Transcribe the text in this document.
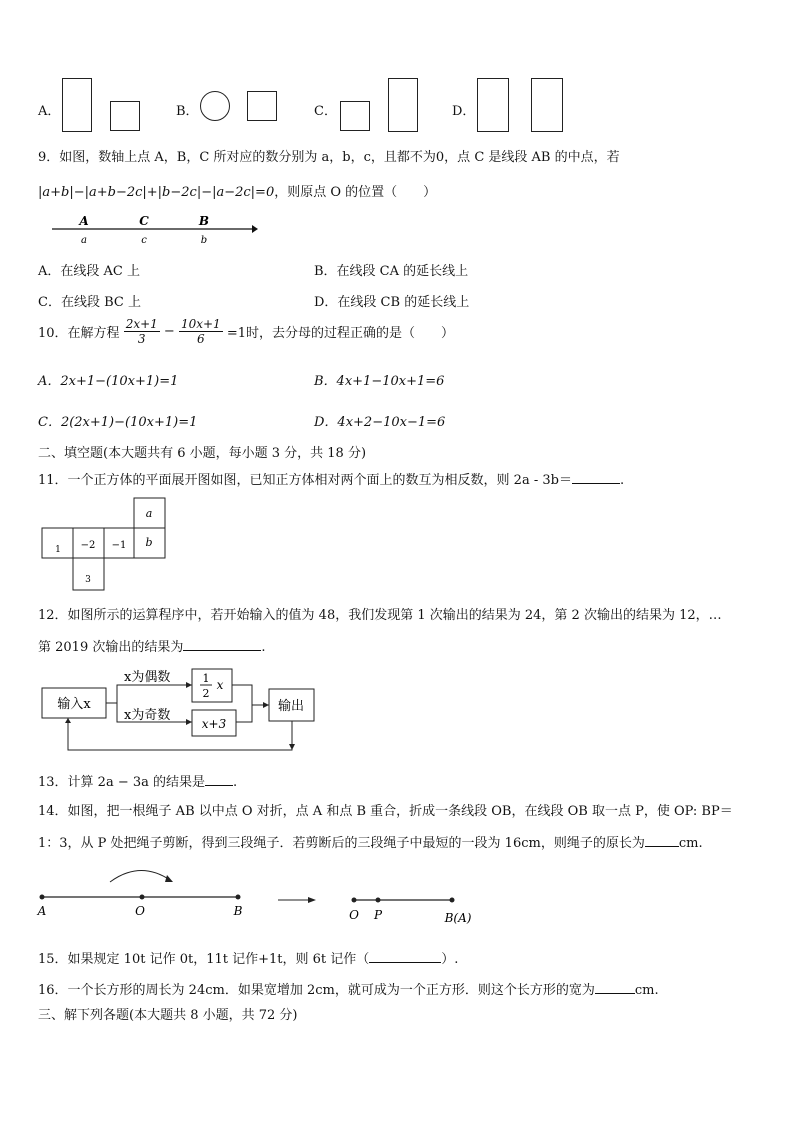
A．	B．	C．	D．
9．如图，数轴上点 A，B，C 所对应的数分别为 a，b，c，且都不为0，点 C 是线段 AB 的中点，若
|a+b|−|a+b−2c|+|b−2c|−|a−2c|=0，则原点 O 的位置（　　）
A	C	B
a	c	b
A．在线段 AC 上	B．在线段 CA 的延长线上
C．在线段 BC 上	D．在线段 CB 的延长线上
10．在解方程 $\frac{2x+1}{3} - \frac{10x+1}{6} =1$时，去分母的过程正确的是（　　）
A．2x+1−(10x+1)=1	B．4x+1−10x+1=6
C．2(2x+1)−(10x+1)=1	D．4x+2−10x−1=6
二、填空题(本大题共有 6 小题，每小题 3 分，共 18 分)
11．一个正方体的平面展开图如图，已知正方体相对两个面上的数互为相反数，则 2a - 3b＝	.
a
1 −2 −1 b
3
12．如图所示的运算程序中，若开始输入的值为 48，我们发现第 1 次输出的结果为 24，第 2 次输出的结果为 12，…
第 2019 次输出的结果为	.
输入x
x为偶数
x为奇数
1
2
x
x+3
输出
13．计算 2a − 3a 的结果是 .
14．如图，把一根绳子 AB 以中点 O 对折，点 A 和点 B 重合，折成一条线段 OB，在线段 OB 取一点 P，使 OP: BP＝
1：3，从 P 处把绳子剪断，得到三段绳子．若剪断后的三段绳子中最短的一段为 16cm，则绳子的原长为	cm.
A	O	B	O P	B(A)
15．如果规定 10t 记作 0t，11t 记作+1t，则 6t 记作（	）.
16．一个长方形的周长为 24cm．如果宽增加 2cm，就可成为一个正方形．则这个长方形的宽为	cm.
三、解下列各题(本大题共 8 小题，共 72 分)
